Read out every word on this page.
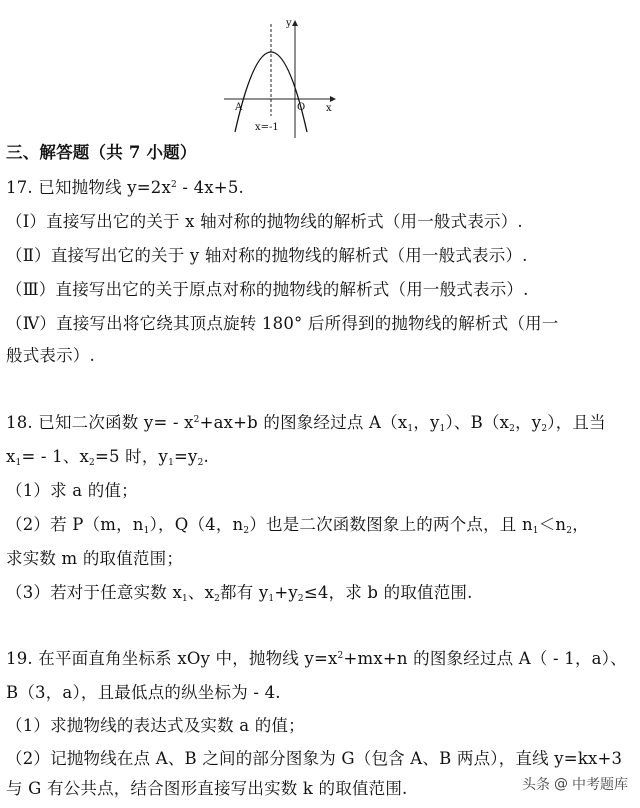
y
x
A	O
x=-1
三、解答题（共 7 小题）
17. 已知抛物线 $y=2x^2 - 4x+5$.
（Ⅰ）直接写出它的关于 x 轴对称的抛物线的解析式（用一般式表示）.
（Ⅱ）直接写出它的关于 y 轴对称的抛物线的解析式（用一般式表示）.
（Ⅲ）直接写出它的关于原点对称的抛物线的解析式（用一般式表示）.
（Ⅳ）直接写出将它绕其顶点旋转 180° 后所得到的抛物线的解析式（用一
般式表示）.
18. 已知二次函数 $y= - x^2+ax+b$ 的图象经过点 $A(x_1$，$y_1$）、$B(x_2$，$y_2$），且当
$x_1= - 1$、$x_2=5$ 时，$y_1=y_2$.
（1）求 a 的值；
（2）若 P（m，$n_1$），Q（4，$n_2$）也是二次函数图象上的两个点，且 $n_1<n_2$，
求实数 m 的取值范围；
（3）若对于任意实数 $x_1$、$x_2$都有 $y_1+y_2\le 4$，求 b 的取值范围.
19. 在平面直角坐标系 xOy 中，抛物线 $y=x^2+mx+n$ 的图象经过点 A（ - 1，a）、
B（3，a），且最低点的纵坐标为 - 4.
（1）求抛物线的表达式及实数 a 的值；
（2）记抛物线在点 A、B 之间的部分图象为 G（包含 A、B 两点），直线 y=kx+3
与 G 有公共点，结合图形直接写出实数 k 的取值范围.	头条 @ 中考题库
